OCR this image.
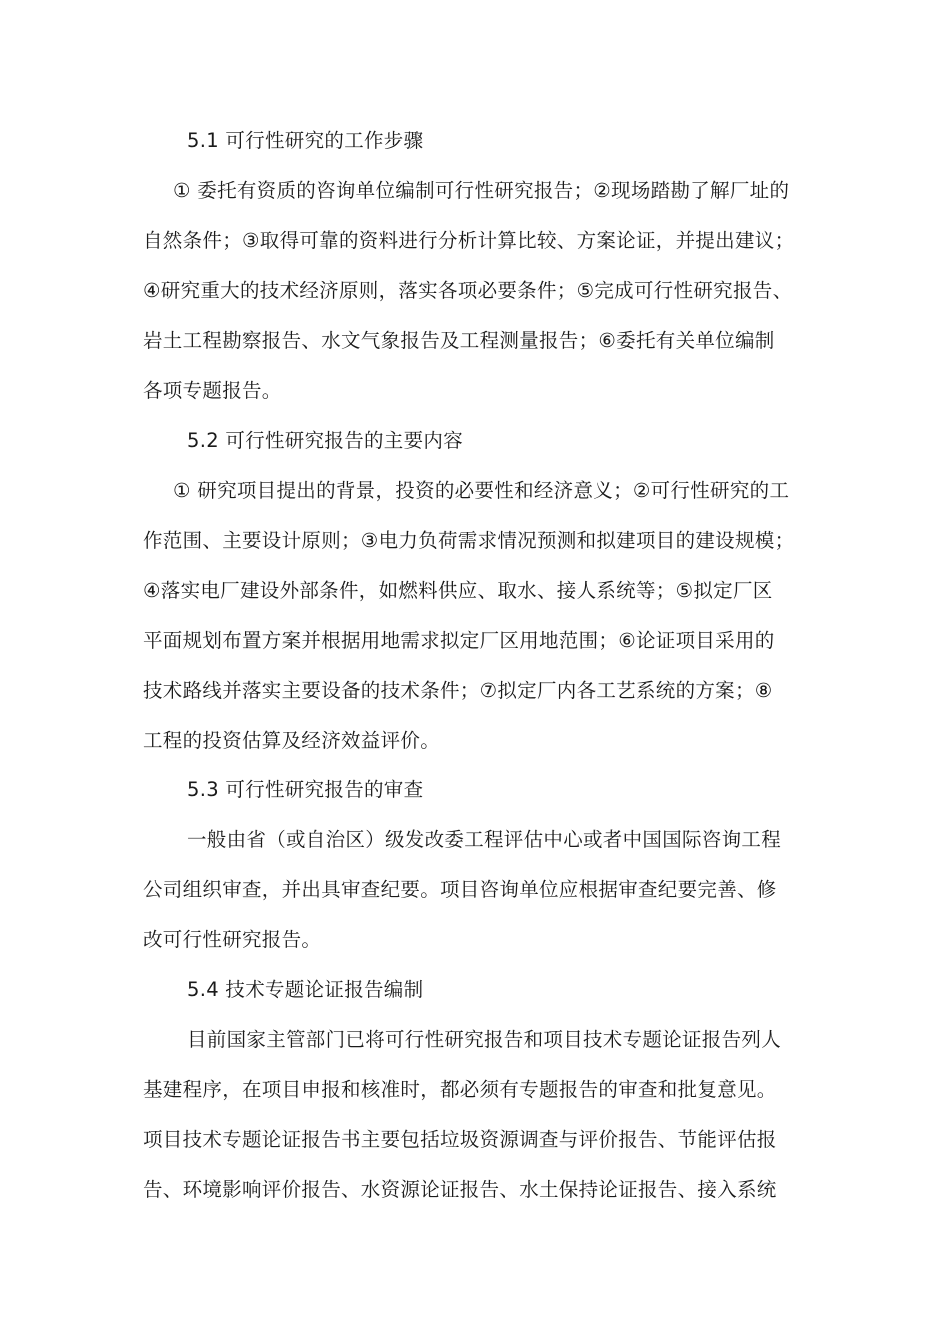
5.1 可行性研究的工作步骤
① 委托有资质的咨询单位编制可行性研究报告；②现场踏勘了解厂址的
自然条件；③取得可靠的资料进行分析计算比较、方案论证，并提出建议；
④研究重大的技术经济原则，落实各项必要条件；⑤完成可行性研究报告、
岩土工程勘察报告、水文气象报告及工程测量报告；⑥委托有关单位编制
各项专题报告。
5.2 可行性研究报告的主要内容
① 研究项目提出的背景，投资的必要性和经济意义；②可行性研究的工
作范围、主要设计原则；③电力负荷需求情况预测和拟建项目的建设规模；
④落实电厂建设外部条件，如燃料供应、取水、接人系统等；⑤拟定厂区
平面规划布置方案并根据用地需求拟定厂区用地范围；⑥论证项目采用的
技术路线并落实主要设备的技术条件；⑦拟定厂内各工艺系统的方案；⑧
工程的投资估算及经济效益评价。
5.3 可行性研究报告的审查
一般由省（或自治区）级发改委工程评估中心或者中国国际咨询工程
公司组织审查，并出具审查纪要。项目咨询单位应根据审查纪要完善、修
改可行性研究报告。
5.4 技术专题论证报告编制
目前国家主管部门已将可行性研究报告和项目技术专题论证报告列人
基建程序，在项目申报和核准时，都必须有专题报告的审查和批复意见。
项目技术专题论证报告书主要包括垃圾资源调查与评价报告、节能评估报
告、环境影响评价报告、水资源论证报告、水土保持论证报告、接入系统
